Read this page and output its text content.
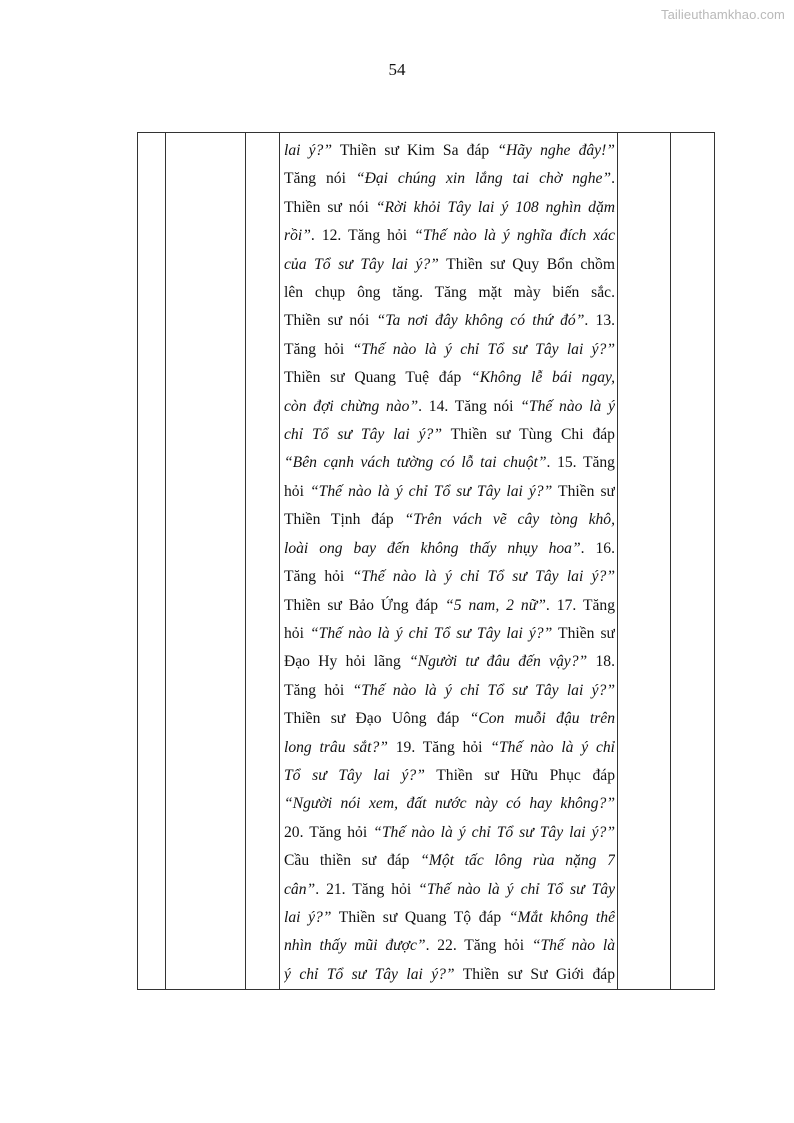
Tailieuthamkhao.com
54

lai ý?” Thiền sư Kim Sa đáp “Hãy nghe đây!”
Tăng nói “Đại chúng xin lắng tai chờ nghe”.
Thiền sư nói “Rời khỏi Tây lai ý 108 nghìn dặm
rồi”. 12. Tăng hỏi “Thế nào là ý nghĩa đích xác
của Tổ sư Tây lai ý?” Thiền sư Quy Bổn chồm
lên chụp ông tăng. Tăng mặt mày biến sắc.
Thiền sư nói “Ta nơi đây không có thứ đó”. 13.
Tăng hỏi “Thế nào là ý chỉ Tổ sư Tây lai ý?”
Thiền sư Quang Tuệ đáp “Không lễ bái ngay,
còn đợi chừng nào”. 14. Tăng nói “Thế nào là ý
chỉ Tổ sư Tây lai ý?” Thiền sư Tùng Chi đáp
“Bên cạnh vách tường có lỗ tai chuột”. 15. Tăng
hỏi “Thế nào là ý chỉ Tổ sư Tây lai ý?” Thiền sư
Thiền Tịnh đáp “Trên vách vẽ cây tòng khô,
loài ong bay đến không thấy nhụy hoa”. 16.
Tăng hỏi “Thế nào là ý chỉ Tổ sư Tây lai ý?”
Thiền sư Bảo Ứng đáp “5 nam, 2 nữ”. 17. Tăng
hỏi “Thế nào là ý chỉ Tổ sư Tây lai ý?” Thiền sư
Đạo Hy hỏi lãng “Người tư đâu đến vậy?” 18.
Tăng hỏi “Thế nào là ý chỉ Tổ sư Tây lai ý?”
Thiền sư Đạo Uông đáp “Con muỗi đậu trên
long trâu sắt?” 19. Tăng hỏi “Thế nào là ý chỉ
Tổ sư Tây lai ý?” Thiền sư Hữu Phục đáp
“Người nói xem, đất nước này có hay không?”
20. Tăng hỏi “Thế nào là ý chỉ Tổ sư Tây lai ý?”
Cầu thiền sư đáp “Một tấc lông rùa nặng 7
cân”. 21. Tăng hỏi “Thế nào là ý chỉ Tổ sư Tây
lai ý?” Thiền sư Quang Tộ đáp “Mắt không thể
nhìn thấy mũi được”. 22. Tăng hỏi “Thế nào là
ý chỉ Tổ sư Tây lai ý?” Thiền sư Sư Giới đáp
